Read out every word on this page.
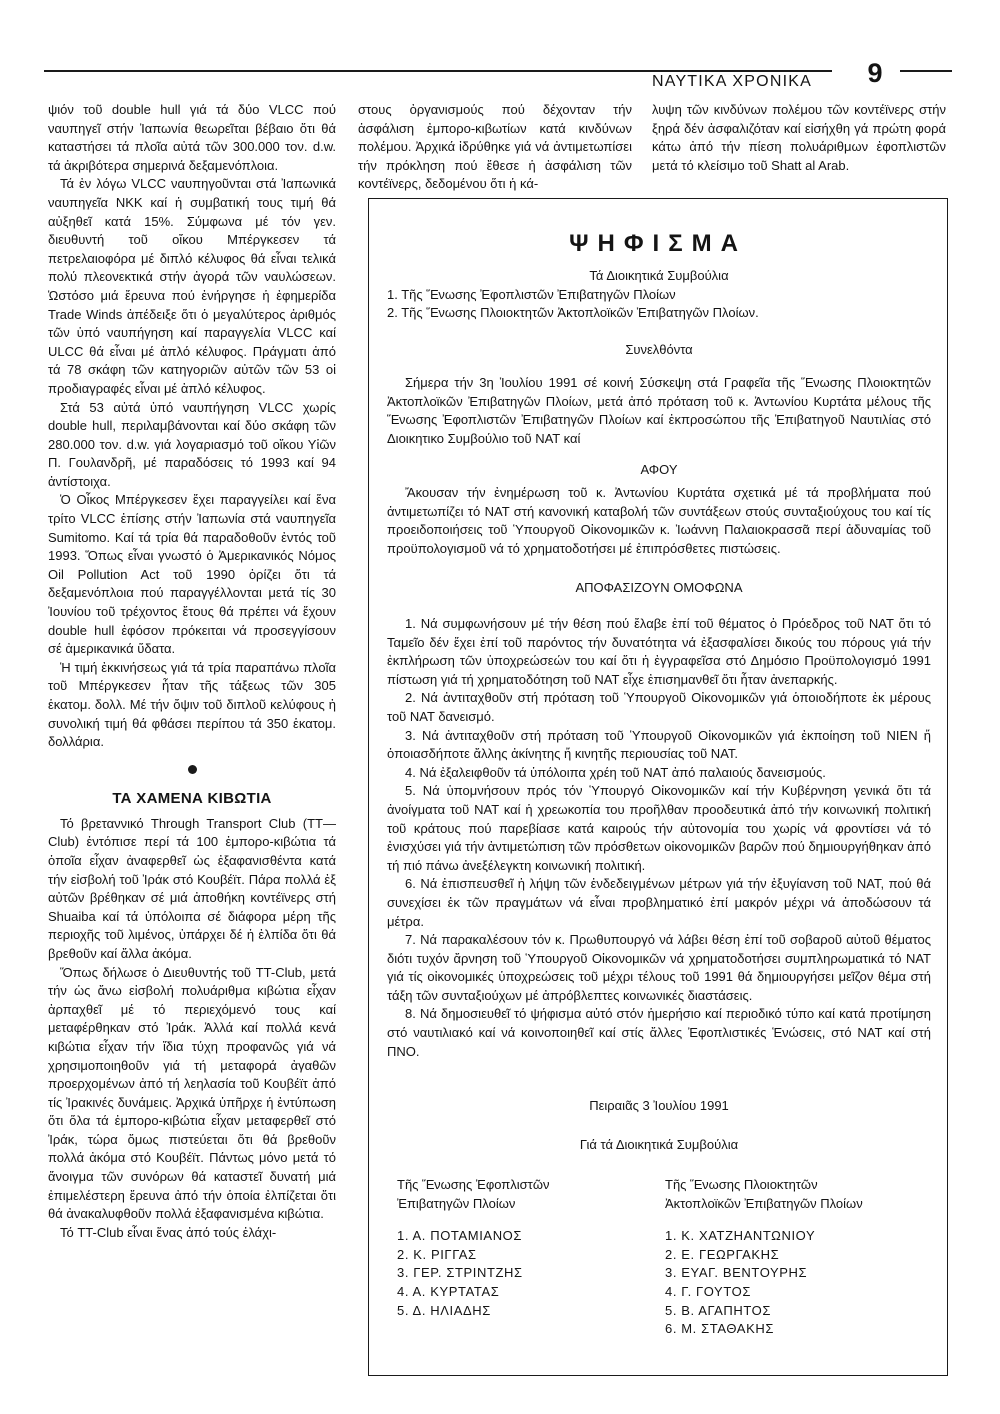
9
ΝΑΥΤΙΚΑ ΧΡΟΝΙΚΑ

ψιόν τοῦ double hull γιά τά δύο VLCC πού ναυπηγεῖ στήν Ἰαπωνία θεωρεῖται βέβαιο ὅτι θά καταστήσει τά πλοῖα αὐτά τῶν 300.000 τον. d.w. τά ἀκριβότερα σημερινά δεξαμενόπλοια.

Τά ἐν λόγω VLCC ναυπηγοῦνται στά Ἰαπωνικά ναυπηγεῖα NKK καί ἡ συμβατική τους τιμή θά αὐξηθεῖ κατά 15%. Σύμφωνα μέ τόν γεν. διευθυντή τοῦ οἴκου Μπέργκεσεν τά πετρελαιοφόρα μέ διπλό κέλυφος θά εἶναι τελικά πολύ πλεονεκτικά στήν ἀγορά τῶν ναυλώσεων. Ὡστόσο μιά ἔρευνα πού ἐνήργησε ἡ ἐφημερίδα Trade Winds ἀπέδειξε ὅτι ὁ μεγαλύτερος ἀριθμός τῶν ὑπό ναυπήγηση καί παραγγελία VLCC καί ULCC θά εἶναι μέ ἁπλό κέλυφος. Πράγματι ἀπό τά 78 σκάφη τῶν κατηγοριῶν αὐτῶν τῶν 53 οἱ προδιαγραφές εἶναι μέ ἁπλό κέλυφος.

Στά 53 αὐτά ὑπό ναυπήγηση VLCC χωρίς double hull, περιλαμβάνονται καί δύο σκάφη τῶν 280.000 τον. d.w. γιά λογαριασμό τοῦ οἴκου Υἱῶν Π. Γουλανδρῆ, μέ παραδόσεις τό 1993 καί 94 ἀντίστοιχα.

Ὁ Οἶκος Μπέργκεσεν ἔχει παραγγείλει καί ἕνα τρίτο VLCC ἐπίσης στήν Ἰαπωνία στά ναυπηγεῖα Sumitomo. Καί τά τρία θά παραδοθοῦν ἐντός τοῦ 1993. Ὅπως εἶναι γνωστό ὁ Ἀμερικανικός Νόμος Oil Pollution Act τοῦ 1990 ὁρίζει ὅτι τά δεξαμενόπλοια πού παραγγέλλονται μετά τίς 30 Ἰουνίου τοῦ τρέχοντος ἔτους θά πρέπει νά ἔχουν double hull ἐφόσον πρόκειται νά προσεγγίσουν σέ ἀμερικανικά ὕδατα.

Ἡ τιμή ἐκκινήσεως γιά τά τρία παραπάνω πλοῖα τοῦ Μπέργκεσεν ἦταν τῆς τάξεως τῶν 305 ἑκατομ. δολλ. Μέ τήν ὄψιν τοῦ διπλοῦ κελύφους ἡ συνολική τιμή θά φθάσει περίπου τά 350 ἑκατομ. δολλάρια.

ΤΑ ΧΑΜΕΝΑ ΚΙΒΩΤΙΑ

Τό βρεταννικό Through Transport Club (TT—Club) ἐντόπισε περί τά 100 ἐμπορο-κιβώτια τά ὁποῖα εἶχαν ἀναφερθεῖ ὡς ἐξαφανισθέντα κατά τήν εἰσβολή τοῦ Ἰράκ στό Κουβέϊτ. Πάρα πολλά ἐξ αὐτῶν βρέθηκαν σέ μιά ἀποθήκη κοντέϊνερς στή Shuaiba καί τά ὑπόλοιπα σέ διάφορα μέρη τῆς περιοχῆς τοῦ λιμένος, ὑπάρχει δέ ἡ ἐλπίδα ὅτι θά βρεθοῦν καί ἄλλα ἀκόμα.

Ὅπως δήλωσε ὁ Διευθυντής τοῦ TT-Club, μετά τήν ὡς ἄνω εἰσβολή πολυάριθμα κιβώτια εἶχαν ἁρπαχθεῖ μέ τό περιεχόμενό τους καί μεταφέρθηκαν στό Ἰράκ. Ἀλλά καί πολλά κενά κιβώτια εἶχαν τήν ἴδια τύχη προφανῶς γιά νά χρησιμοποιηθοῦν γιά τή μεταφορά ἀγαθῶν προερχομένων ἀπό τή λεηλασία τοῦ Κουβέϊτ ἀπό τίς Ἰρακινές δυνάμεις. Ἀρχικά ὑπῆρχε ἡ ἐντύπωση ὅτι ὅλα τά ἐμπορο-κιβώτια εἶχαν μεταφερθεῖ στό Ἰράκ, τώρα ὅμως πιστεύεται ὅτι θά βρεθοῦν πολλά ἀκόμα στό Κουβέϊτ. Πάντως μόνο μετά τό ἄνοιγμα τῶν συνόρων θά καταστεῖ δυνατή μιά ἐπιμελέστερη ἔρευνα ἀπό τήν ὁποία ἐλπίζεται ὅτι θά ἀνακαλυφθοῦν πολλά ἐξαφανισμένα κιβώτια.

Τό TT-Club εἶναι ἕνας ἀπό τούς ἐλάχι-

στους ὀργανισμούς πού δέχονταν τήν ἀσφάλιση ἐμπορο-κιβωτίων κατά κινδύνων πολέμου. Ἀρχικά ἱδρύθηκε γιά νά ἀντιμετωπίσει τήν πρόκληση πού ἔθεσε ἡ ἀσφάλιση τῶν κοντέϊνερς, δεδομένου ὅτι ἡ κά-

λυψη τῶν κινδύνων πολέμου τῶν κοντέϊνερς στήν ξηρά δέν ἀσφαλιζόταν καί εἰσήχθη γά πρώτη φορά κάτω ἀπό τήν πίεση πολυάριθμων ἐφοπλιστῶν μετά τό κλείσιμο τοῦ Shatt al Arab.

ΨΗΦΙΣΜΑ

Τά Διοικητικά Συμβούλια

1. Τῆς Ἕνωσης Ἐφοπλιστῶν Ἐπιβατηγῶν Πλοίων

2. Τῆς Ἕνωσης Πλοιοκτητῶν Ἀκτοπλοϊκῶν Ἐπιβατηγῶν Πλοίων.

Συνελθόντα

Σήμερα τήν 3η Ἰουλίου 1991 σέ κοινή Σύσκεψη στά Γραφεῖα τῆς Ἕνωσης Πλοιοκτητῶν Ἀκτοπλοϊκῶν Ἐπιβατηγῶν Πλοίων, μετά ἀπό πρόταση τοῦ κ. Ἀντωνίου Κυρτάτα μέλους τῆς Ἕνωσης Ἐφοπλιστῶν Ἐπιβατηγῶν Πλοίων καί ἐκπροσώπου τῆς Ἐπιβατηγοῦ Ναυτιλίας στό Διοικητικο Συμβούλιο τοῦ ΝΑΤ καί

ΑΦΟΥ

Ἄκουσαν τήν ἐνημέρωση τοῦ κ. Ἀντωνίου Κυρτάτα σχετικά μέ τά προβλήματα πού ἀντιμετωπίζει τό ΝΑΤ στή κανονική καταβολή τῶν συντάξεων στούς συνταξιούχους του καί τίς προειδοποιήσεις τοῦ Ὑπουργοῦ Οἰκονομικῶν κ. Ἰωάννη Παλαιοκρασσᾶ περί ἀδυναμίας τοῦ προϋπολογισμοῦ νά τό χρηματοδοτήσει μέ ἐπιπρόσθετες πιστώσεις.

ΑΠΟΦΑΣΙΖΟΥΝ ΟΜΟΦΩΝΑ

1. Νά συμφωνήσουν μέ τήν θέση πού ἔλαβε ἐπί τοῦ θέματος ὁ Πρόεδρος τοῦ ΝΑΤ ὅτι τό Ταμεῖο δέν ἔχει ἐπί τοῦ παρόντος τήν δυνατότητα νά ἐξασφαλίσει δικούς του πόρους γιά τήν ἐκπλήρωση τῶν ὑποχρεώσεών του καί ὅτι ἡ ἐγγραφεῖσα στό Δημόσιο Προϋπολογισμό 1991 πίστωση γιά τή χρηματοδότηση τοῦ ΝΑΤ εἶχε ἐπισημανθεῖ ὅτι ἦταν ἀνεπαρκής.

2. Νά ἀντιταχθοῦν στή πρόταση τοῦ Ὑπουργοῦ Οἰκονομικῶν γιά ὁποιοδήποτε ἐκ μέρους τοῦ ΝΑΤ δανεισμό.

3. Νά ἀντιταχθοῦν στή πρόταση τοῦ Ὑπουργοῦ Οἰκονομικῶν γιά ἐκποίηση τοῦ NIEN ἤ ὁποιασδήποτε ἄλλης ἀκίνητης ἤ κινητῆς περιουσίας τοῦ ΝΑΤ.

4. Νά ἐξαλειφθοῦν τά ὑπόλοιπα χρέη τοῦ ΝΑΤ ἀπό παλαιούς δανεισμούς.

5. Νά ὑπομνήσουν πρός τόν Ὑπουργό Οἰκονομικῶν καί τήν Κυβέρνηση γενικά ὅτι τά ἀνοίγματα τοῦ ΝΑΤ καί ἡ χρεωκοπία του προῆλθαν προοδευτικά ἀπό τήν κοινωνική πολιτική τοῦ κράτους πού παρεβίασε κατά καιρούς τήν αὐτονομία του χωρίς νά φροντίσει νά τό ἐνισχύσει γιά τήν ἀντιμετώπιση τῶν πρόσθετων οἰκονομικῶν βαρῶν πού δημιουργήθηκαν ἀπό τή πιό πάνω ἀνεξέλεγκτη κοινωνική πολιτική.

6. Νά ἐπισπευσθεῖ ἡ λήψη τῶν ἐνδεδειγμένων μέτρων γιά τήν ἐξυγίανση τοῦ ΝΑΤ, πού θά συνεχίσει ἐκ τῶν πραγμάτων νά εἶναι προβληματικό ἐπί μακρόν μέχρι νά ἀποδώσουν τά μέτρα.

7. Νά παρακαλέσουν τόν κ. Πρωθυπουργό νά λάβει θέση ἐπί τοῦ σοβαροῦ αὐτοῦ θέματος διότι τυχόν ἄρνηση τοῦ Ὑπουργοῦ Οἰκονομικῶν νά χρηματοδοτήσει συμπληρωματικά τό ΝΑΤ γιά τίς οἰκονομικές ὑποχρεώσεις τοῦ μέχρι τέλους τοῦ 1991 θά δημιουργήσει μεῖζον θέμα στή τάξη τῶν συνταξιούχων μέ ἀπρόβλεπτες κοινωνικές διαστάσεις.

8. Νά δημοσιευθεῖ τό ψήφισμα αὐτό στόν ἡμερήσιο καί περιοδικό τύπο καί κατά προτίμηση στό ναυτιλιακό καί νά κοινοποιηθεῖ καί στίς ἄλλες Ἐφοπλιστικές Ἑνώσεις, στό ΝΑΤ καί στή ΠΝΟ.

Πειραιᾶς 3 Ἰουλίου 1991

Γιά τά Διοικητικά Συμβούλια

Τῆς Ἕνωσης Ἐφοπλιστῶν
Ἐπιβατηγῶν Πλοίων
1. Α. ΠΟΤΑΜΙΑΝΟΣ
2. Κ. ΡΙΓΓΑΣ
3. ΓΕΡ. ΣΤΡΙΝΤΖΗΣ
4. Α. ΚΥΡΤΑΤΑΣ
5. Δ. ΗΛΙΑΔΗΣ
Τῆς Ἕνωσης Πλοιοκτητῶν
Ἀκτοπλοϊκῶν Ἐπιβατηγῶν Πλοίων
1. Κ. ΧΑΤΖΗΑΝΤΩΝΙΟΥ
2. Ε. ΓΕΩΡΓΑΚΗΣ
3. ΕΥΑΓ. ΒΕΝΤΟΥΡΗΣ
4. Γ. ΓΟΥΤΟΣ
5. Β. ΑΓΑΠΗΤΟΣ
6. Μ. ΣΤΑΘΑΚΗΣ
